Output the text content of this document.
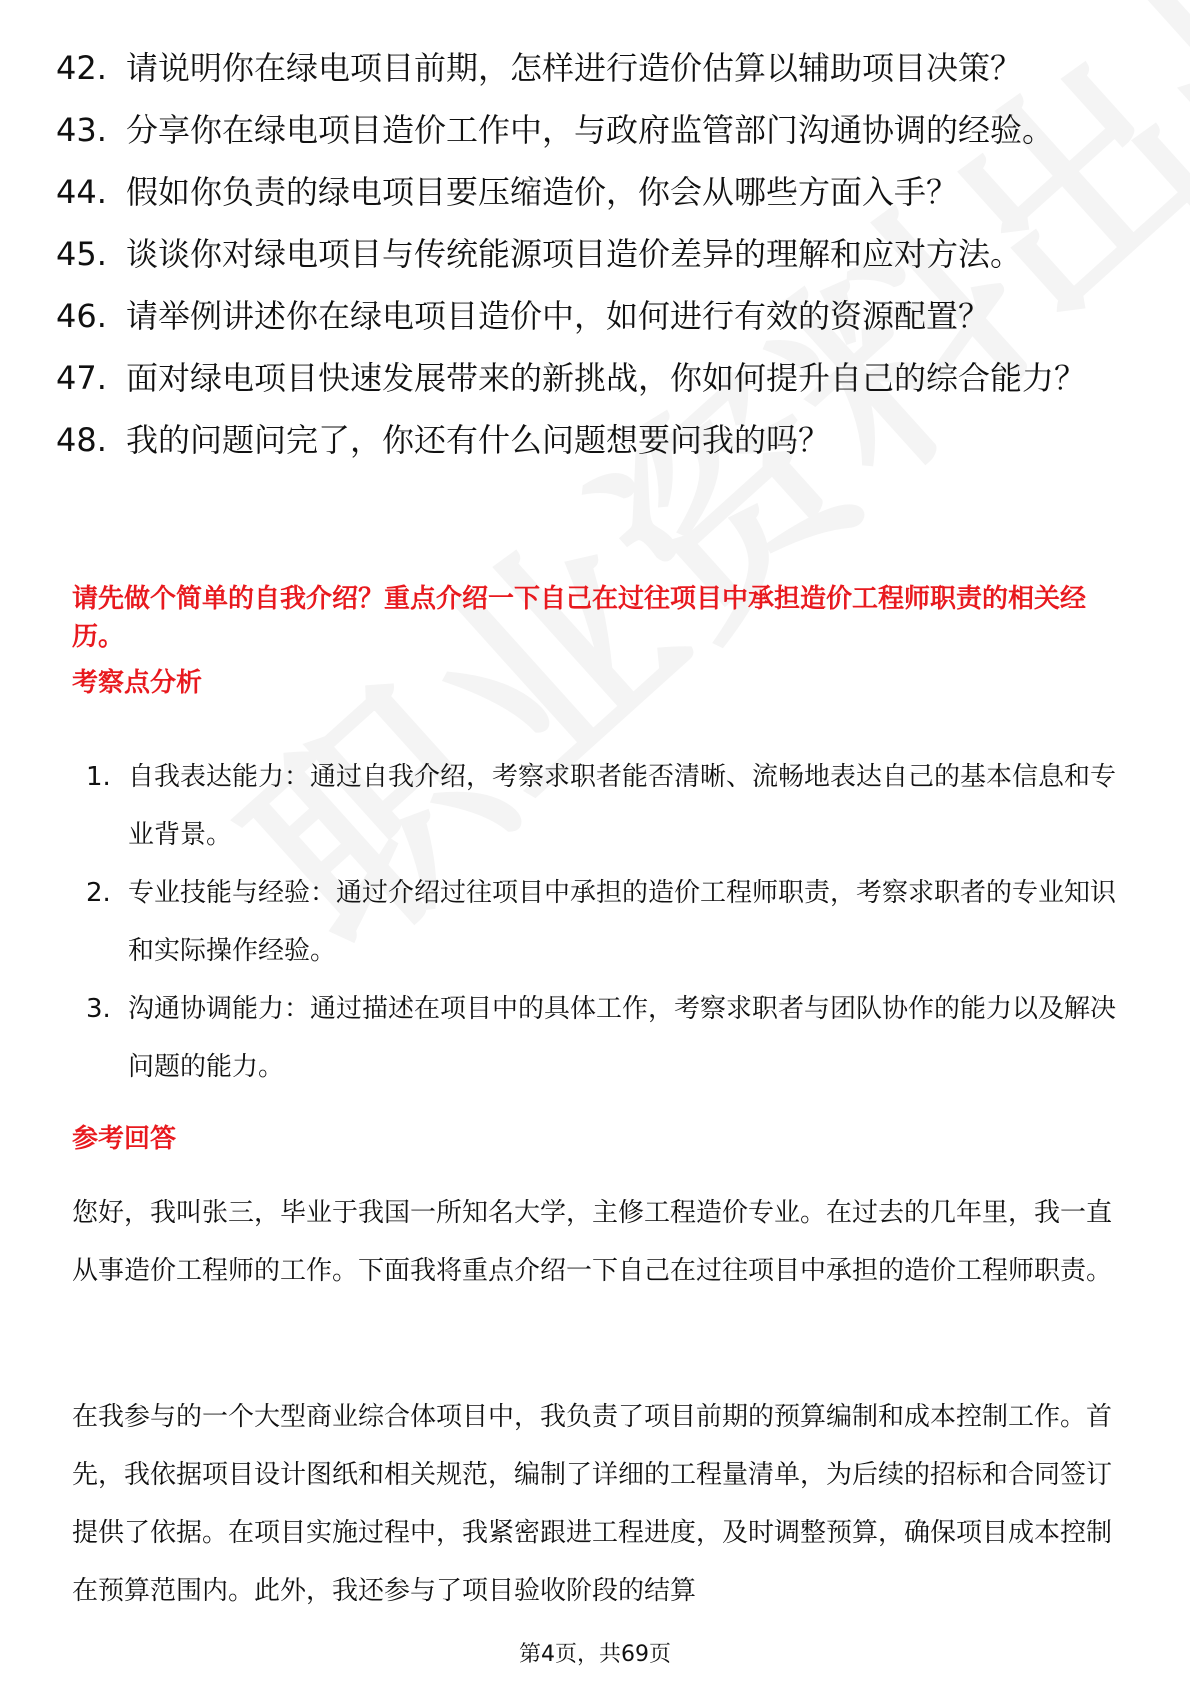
42. 请说明你在绿电项目前期，怎样进行造价估算以辅助项目决策？
43. 分享你在绿电项目造价工作中，与政府监管部门沟通协调的经验。
44. 假如你负责的绿电项目要压缩造价，你会从哪些方面入手？
45. 谈谈你对绿电项目与传统能源项目造价差异的理解和应对方法。
46. 请举例讲述你在绿电项目造价中，如何进行有效的资源配置？
47. 面对绿电项目快速发展带来的新挑战，你如何提升自己的综合能力？
48. 我的问题问完了，你还有什么问题想要问我的吗？
请先做个简单的自我介绍？重点介绍一下自己在过往项目中承担造价工程师职责的相关经历。
考察点分析
1. 自我表达能力：通过自我介绍，考察求职者能否清晰、流畅地表达自己的基本信息和专业背景。
2. 专业技能与经验：通过介绍过往项目中承担的造价工程师职责，考察求职者的专业知识和实际操作经验。
3. 沟通协调能力：通过描述在项目中的具体工作，考察求职者与团队协作的能力以及解决问题的能力。
参考回答
您好，我叫张三，毕业于我国一所知名大学，主修工程造价专业。在过去的几年里，我一直从事造价工程师的工作。下面我将重点介绍一下自己在过往项目中承担的造价工程师职责。
在我参与的一个大型商业综合体项目中，我负责了项目前期的预算编制和成本控制工作。首先，我依据项目设计图纸和相关规范，编制了详细的工程量清单，为后续的招标和合同签订提供了依据。在项目实施过程中，我紧密跟进工程进度，及时调整预算，确保项目成本控制在预算范围内。此外，我还参与了项目验收阶段的结算
第4页，共69页
